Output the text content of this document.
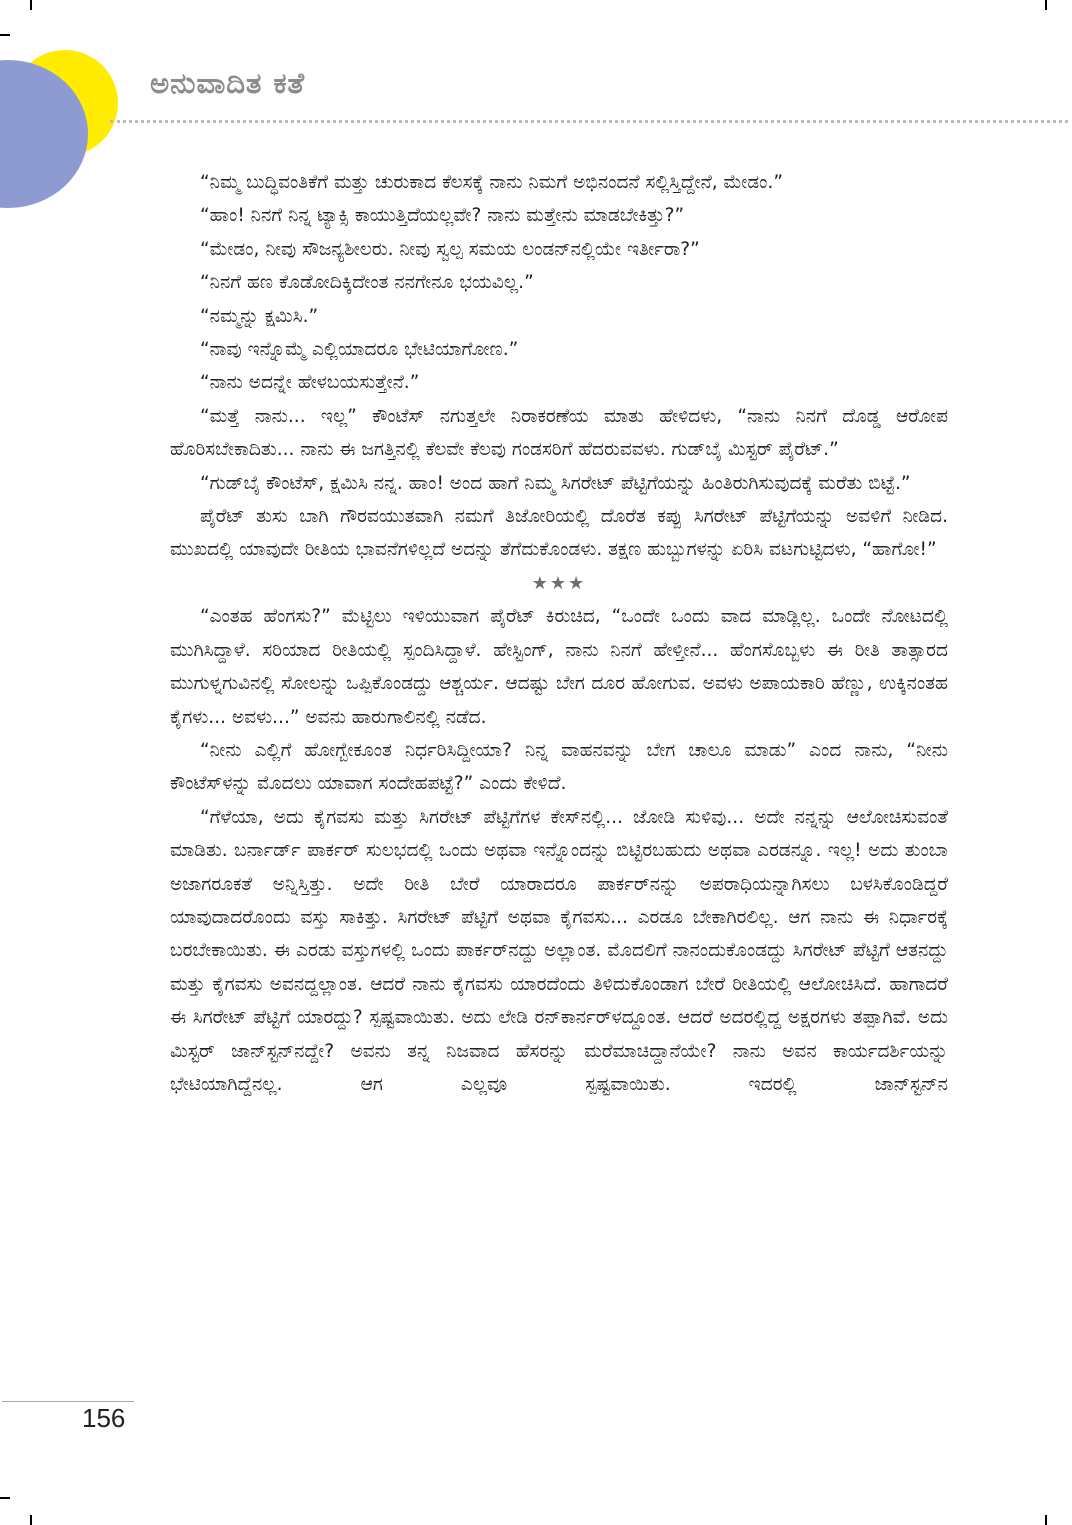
ಅನುವಾದಿತ ಕತೆ

“ನಿಮ್ಮ ಬುದ್ಧಿವಂತಿಕೆಗೆ ಮತ್ತು ಚುರುಕಾದ ಕೆಲಸಕ್ಕೆ ನಾನು ನಿಮಗೆ ಅಭಿನಂದನೆ ಸಲ್ಲಿಸ್ತಿದ್ದೇನೆ, ಮೇಡಂ.”

“ಹಾಂ! ನಿನಗೆ ನಿನ್ನ ಟ್ಯಾಕ್ಸಿ ಕಾಯುತ್ತಿದೆಯಲ್ಲವೇ? ನಾನು ಮತ್ತೇನು ಮಾಡಬೇಕಿತ್ತು?”

“ಮೇಡಂ, ನೀವು ಸೌಜನ್ಯಶೀಲರು. ನೀವು ಸ್ವಲ್ಪ ಸಮಯ ಲಂಡನ್‌ನಲ್ಲಿಯೇ ಇರ್ತೀರಾ?”

“ನಿನಗೆ ಹಣ ಕೊಡೋದಿಕ್ಕಿದೇಂತ ನನಗೇನೂ ಭಯವಿಲ್ಲ.”

“ನಮ್ಮನ್ನು ಕ್ಷಮಿಸಿ.”

“ನಾವು ಇನ್ನೊಮ್ಮೆ ಎಲ್ಲಿಯಾದರೂ ಭೇಟಿಯಾಗೋಣ.”

“ನಾನು ಅದನ್ನೇ ಹೇಳಬಯಸುತ್ತೇನೆ.”

“ಮತ್ತೆ ನಾನು... ಇಲ್ಲ” ಕೌಂಟೆಸ್ ನಗುತ್ತಲೇ ನಿರಾಕರಣೆಯ ಮಾತು ಹೇಳಿದಳು, “ನಾನು ನಿನಗೆ ದೊಡ್ಡ ಆರೋಪ ಹೊರಿಸಬೇಕಾದಿತು... ನಾನು ಈ ಜಗತ್ತಿನಲ್ಲಿ ಕೆಲವೇ ಕೆಲವು ಗಂಡಸರಿಗೆ ಹೆದರುವವಳು. ಗುಡ್‌ಬೈ ಮಿಸ್ಟರ್ ಪೈರೆಟ್.”

“ಗುಡ್‌ಬೈ ಕೌಂಟೆಸ್, ಕ್ಷಮಿಸಿ ನನ್ನ. ಹಾಂ! ಅಂದ ಹಾಗೆ ನಿಮ್ಮ ಸಿಗರೇಟ್ ಪೆಟ್ಟಿಗೆಯನ್ನು ಹಿಂತಿರುಗಿಸುವುದಕ್ಕೆ ಮರೆತು ಬಿಟ್ಟೆ.”

ಪೈರೆಟ್ ತುಸು ಬಾಗಿ ಗೌರವಯುತವಾಗಿ ನಮಗೆ ತಿಜೋರಿಯಲ್ಲಿ ದೊರೆತ ಕಪ್ಪು ಸಿಗರೇಟ್ ಪೆಟ್ಟಿಗೆಯನ್ನು ಅವಳಿಗೆ ನೀಡಿದ. ಮುಖದಲ್ಲಿ ಯಾವುದೇ ರೀತಿಯ ಭಾವನೆಗಳಿಲ್ಲದೆ ಅದನ್ನು ತೆಗೆದುಕೊಂಡಳು. ತಕ್ಷಣ ಹುಬ್ಬುಗಳನ್ನು ಏರಿಸಿ ವಟಗುಟ್ಟಿದಳು, “ಹಾಗೋ!”

★★★

“ಎಂತಹ ಹೆಂಗಸು?” ಮೆಟ್ಟಿಲು ಇಳಿಯುವಾಗ ಪೈರೆಟ್ ಕಿರುಚಿದ, “ಒಂದೇ ಒಂದು ವಾದ ಮಾಡ್ಲಿಲ್ಲ. ಒಂದೇ ನೋಟದಲ್ಲಿ ಮುಗಿಸಿದ್ದಾಳೆ. ಸರಿಯಾದ ರೀತಿಯಲ್ಲಿ ಸ್ಪಂದಿಸಿದ್ದಾಳೆ. ಹೇಸ್ಟಿಂಗ್, ನಾನು ನಿನಗೆ ಹೇಳ್ತೀನೆ... ಹೆಂಗಸೊಬ್ಬಳು ಈ ರೀತಿ ತಾತ್ಸಾರದ ಮುಗುಳ್ನಗುವಿನಲ್ಲಿ ಸೋಲನ್ನು ಒಪ್ಪಿಕೊಂಡದ್ದು ಆಶ್ಚರ್ಯ. ಆದಷ್ಟು ಬೇಗ ದೂರ ಹೋಗುವ. ಅವಳು ಅಪಾಯಕಾರಿ ಹೆಣ್ಣು, ಉಕ್ಕಿನಂತಹ ಕೈಗಳು... ಅವಳು...” ಅವನು ಹಾರುಗಾಲಿನಲ್ಲಿ ನಡೆದ.

“ನೀನು ಎಲ್ಲಿಗೆ ಹೋಗ್ಬೇಕೂಂತ ನಿರ್ಧರಿಸಿದ್ದೀಯಾ? ನಿನ್ನ ವಾಹನವನ್ನು ಬೇಗ ಚಾಲೂ ಮಾಡು” ಎಂದ ನಾನು, “ನೀನು ಕೌಂಟೆಸ್‌ಳನ್ನು ಮೊದಲು ಯಾವಾಗ ಸಂದೇಹಪಟ್ಟೆ?” ಎಂದು ಕೇಳಿದೆ.

“ಗೆಳೆಯಾ, ಅದು ಕೈಗವಸು ಮತ್ತು ಸಿಗರೇಟ್ ಪೆಟ್ಟಿಗೆಗಳ ಕೇಸ್‌ನಲ್ಲಿ... ಜೋಡಿ ಸುಳಿವು... ಅದೇ ನನ್ನನ್ನು ಆಲೋಚಿಸುವಂತೆ ಮಾಡಿತು. ಬರ್ನಾರ್ಡ್ ಪಾರ್ಕರ್ ಸುಲಭದಲ್ಲಿ ಒಂದು ಅಥವಾ ಇನ್ನೊಂದನ್ನು ಬಿಟ್ಟಿರಬಹುದು ಅಥವಾ ಎರಡನ್ನೂ. ಇಲ್ಲ! ಅದು ತುಂಬಾ ಅಜಾಗರೂಕತೆ ಅನ್ನಿಸ್ತಿತ್ತು. ಅದೇ ರೀತಿ ಬೇರೆ ಯಾರಾದರೂ ಪಾರ್ಕರ್‌ನನ್ನು ಅಪರಾಧಿಯನ್ನಾಗಿಸಲು ಬಳಸಿಕೊಂಡಿದ್ದರೆ ಯಾವುದಾದರೊಂದು ವಸ್ತು ಸಾಕಿತ್ತು. ಸಿಗರೇಟ್ ಪೆಟ್ಟಿಗೆ ಅಥವಾ ಕೈಗವಸು... ಎರಡೂ ಬೇಕಾಗಿರಲಿಲ್ಲ. ಆಗ ನಾನು ಈ ನಿರ್ಧಾರಕ್ಕೆ ಬರಬೇಕಾಯಿತು. ಈ ಎರಡು ವಸ್ತುಗಳಲ್ಲಿ ಒಂದು ಪಾರ್ಕರ್‌ನದ್ದು ಅಲ್ಲಾಂತ. ಮೊದಲಿಗೆ ನಾನಂದುಕೊಂಡದ್ದು ಸಿಗರೇಟ್ ಪೆಟ್ಟಿಗೆ ಆತನದ್ದು ಮತ್ತು ಕೈಗವಸು ಅವನದ್ದಲ್ಲಾಂತ. ಆದರೆ ನಾನು ಕೈಗವಸು ಯಾರದೆಂದು ತಿಳಿದುಕೊಂಡಾಗ ಬೇರೆ ರೀತಿಯಲ್ಲಿ ಆಲೋಚಿಸಿದೆ. ಹಾಗಾದರೆ ಈ ಸಿಗರೇಟ್ ಪೆಟ್ಟಿಗೆ ಯಾರದ್ದು? ಸ್ಪಷ್ಟವಾಯಿತು. ಅದು ಲೇಡಿ ರನ್‌ಕಾರ್ನರ್‌ಳದ್ದೂಂತ. ಆದರೆ ಅದರಲ್ಲಿದ್ದ ಅಕ್ಷರಗಳು ತಪ್ಪಾಗಿವೆ. ಅದು ಮಿಸ್ಟರ್ ಜಾನ್‌ಸ್ಟನ್‌ನದ್ದೇ? ಅವನು ತನ್ನ ನಿಜವಾದ ಹೆಸರನ್ನು ಮರೆಮಾಚಿದ್ದಾನೆಯೇ? ನಾನು ಅವನ ಕಾರ್ಯದರ್ಶಿಯನ್ನು ಭೇಟಿಯಾಗಿದ್ದೆನಲ್ಲ. ಆಗ ಎಲ್ಲವೂ ಸ್ಪಷ್ಟವಾಯಿತು. ಇದರಲ್ಲಿ ಜಾನ್‌ಸ್ಟನ್‌ನ

156
